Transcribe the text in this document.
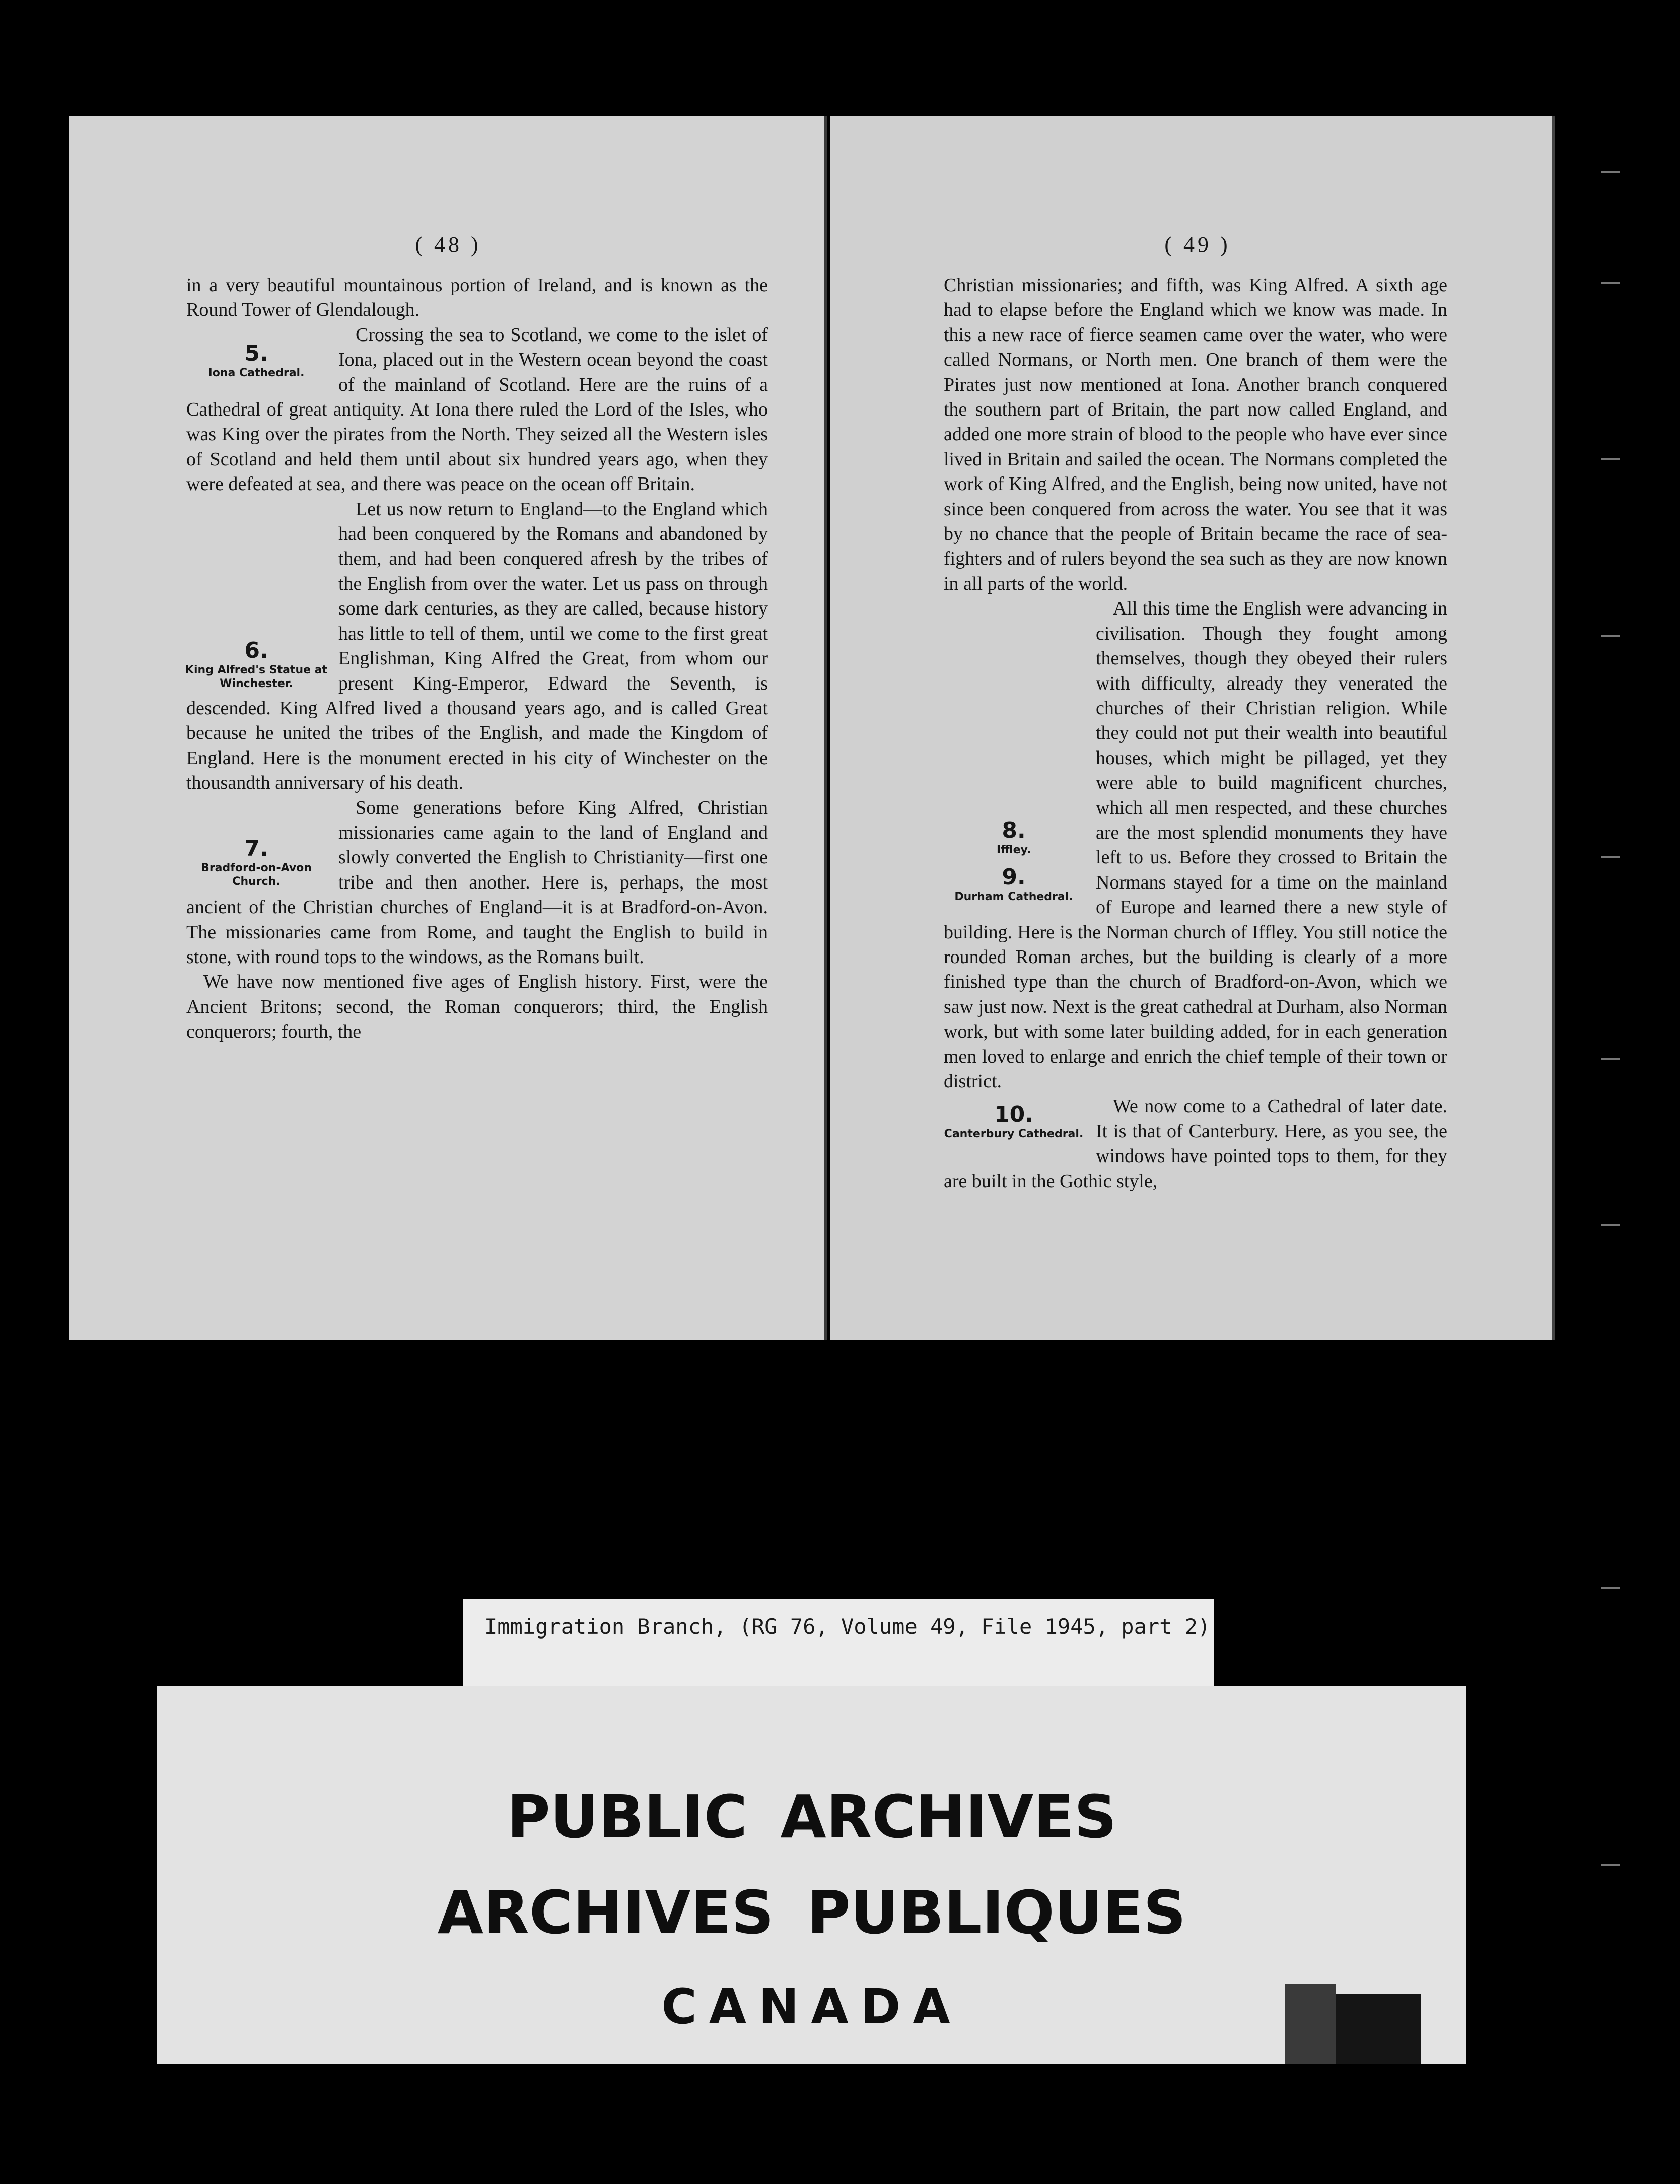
( 48 )

in a very beautiful mountainous portion of Ireland, and is known as the Round Tower of Glendalough.

5.
Iona Cathedral.

Crossing the sea to Scotland, we come to the islet of Iona, placed out in the Western ocean beyond the coast of the mainland of Scotland. Here are the ruins of a Cathedral of great antiquity. At Iona there ruled the Lord of the Isles, who was King over the pirates from the North. They seized all the Western isles of Scotland and held them until about six hundred years ago, when they were defeated at sea, and there was peace on the ocean off Britain.

6.
King Alfred's Statue at Winchester.

Let us now return to England—to the England which had been conquered by the Romans and abandoned by them, and had been conquered afresh by the tribes of the English from over the water. Let us pass on through some dark centuries, as they are called, because history has little to tell of them, until we come to the first great Englishman, King Alfred the Great, from whom our present King-Emperor, Edward the Seventh, is descended. King Alfred lived a thousand years ago, and is called Great because he united the tribes of the English, and made the Kingdom of England. Here is the monument erected in his city of Winchester on the thousandth anniversary of his death.

7.
Bradford-on-Avon Church.

Some generations before King Alfred, Christian missionaries came again to the land of England and slowly converted the English to Christianity—first one tribe and then another. Here is, perhaps, the most ancient of the Christian churches of England—it is at Bradford-on-Avon. The missionaries came from Rome, and taught the English to build in stone, with round tops to the windows, as the Romans built.

We have now mentioned five ages of English history. First, were the Ancient Britons; second, the Roman conquerors; third, the English conquerors; fourth, the

( 49 )

Christian missionaries; and fifth, was King Alfred. A sixth age had to elapse before the England which we know was made. In this a new race of fierce seamen came over the water, who were called Normans, or North men. One branch of them were the Pirates just now mentioned at Iona. Another branch conquered the southern part of Britain, the part now called England, and added one more strain of blood to the people who have ever since lived in Britain and sailed the ocean. The Normans completed the work of King Alfred, and the English, being now united, have not since been conquered from across the water. You see that it was by no chance that the people of Britain became the race of sea-fighters and of rulers beyond the sea such as they are now known in all parts of the world.

8.
Iffley.
9.
Durham Cathedral.

All this time the English were advancing in civilisation. Though they fought among themselves, though they obeyed their rulers with difficulty, already they venerated the churches of their Christian religion. While they could not put their wealth into beautiful houses, which might be pillaged, yet they were able to build magnificent churches, which all men respected, and these churches are the most splendid monuments they have left to us. Before they crossed to Britain the Normans stayed for a time on the mainland of Europe and learned there a new style of building. Here is the Norman church of Iffley. You still notice the rounded Roman arches, but the building is clearly of a more finished type than the church of Bradford-on-Avon, which we saw just now. Next is the great cathedral at Durham, also Norman work, but with some later building added, for in each generation men loved to enlarge and enrich the chief temple of their town or district.

10.
Canterbury Cathedral.

We now come to a Cathedral of later date. It is that of Canterbury. Here, as you see, the windows have pointed tops to them, for they are built in the Gothic style,

Immigration Branch, (RG 76, Volume 49, File 1945, part 2)
PUBLIC ARCHIVES
ARCHIVES PUBLIQUES
CANADA
